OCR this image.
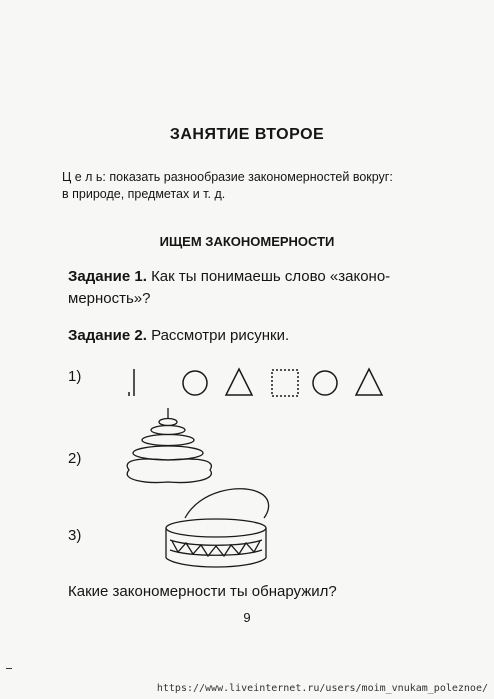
ЗАНЯТИЕ ВТОРОЕ
Ц е л ь: показать разнообразие закономерностей вокруг:
в природе, предметах и т. д.
ИЩЕМ ЗАКОНОМЕРНОСТИ
Задание 1. Как ты понимаешь слово «законо-
мерность»?
Задание 2. Рассмотри рисунки.
1)
2)
3)
Какие закономерности ты обнаружил?
9
https://www.liveinternet.ru/users/moim_vnukam_poleznoe/
